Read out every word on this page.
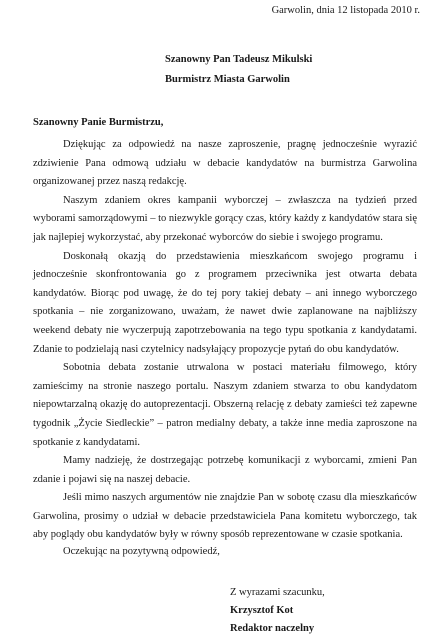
Garwolin, dnia 12 listopada 2010 r.
Szanowny Pan Tadeusz Mikulski
Burmistrz Miasta Garwolin
Szanowny Panie Burmistrzu,

Dziękując za odpowiedź na nasze zaproszenie, pragnę jednocześnie wyrazić zdziwienie Pana odmową udziału w debacie kandydatów na burmistrza Garwolina organizowanej przez naszą redakcję.

Naszym zdaniem okres kampanii wyborczej – zwłaszcza na tydzień przed wyborami samorządowymi – to niezwykle gorący czas, który każdy z kandydatów stara się jak najlepiej wykorzystać, aby przekonać wyborców do siebie i swojego programu.

Doskonałą okazją do przedstawienia mieszkańcom swojego programu i jednocześnie skonfrontowania go z programem przeciwnika jest otwarta debata kandydatów. Biorąc pod uwagę, że do tej pory takiej debaty – ani innego wyborczego spotkania – nie zorganizowano, uważam, że nawet dwie zaplanowane na najbliższy weekend debaty nie wyczerpują zapotrzebowania na tego typu spotkania z kandydatami. Zdanie to podzielają nasi czytelnicy nadsyłający propozycje pytań do obu kandydatów.

Sobotnia debata zostanie utrwalona w postaci materiału filmowego, który zamieścimy na stronie naszego portalu. Naszym zdaniem stwarza to obu kandydatom niepowtarzalną okazję do autoprezentacji. Obszerną relację z debaty zamieści też zapewne tygodnik „Życie Siedleckie” – patron medialny debaty, a także inne media zaproszone na spotkanie z kandydatami.

Mamy nadzieję, że dostrzegając potrzebę komunikacji z wyborcami, zmieni Pan zdanie i pojawi się na naszej debacie.

Jeśli mimo naszych argumentów nie znajdzie Pan w sobotę czasu dla mieszkańców Garwolina, prosimy o udział w debacie przedstawiciela Pana komitetu wyborczego, tak aby poglądy obu kandydatów były w równy sposób reprezentowane w czasie spotkania.

Oczekując na pozytywną odpowiedź,
Z wyrazami szacunku,
Krzysztof Kot
Redaktor naczelny
